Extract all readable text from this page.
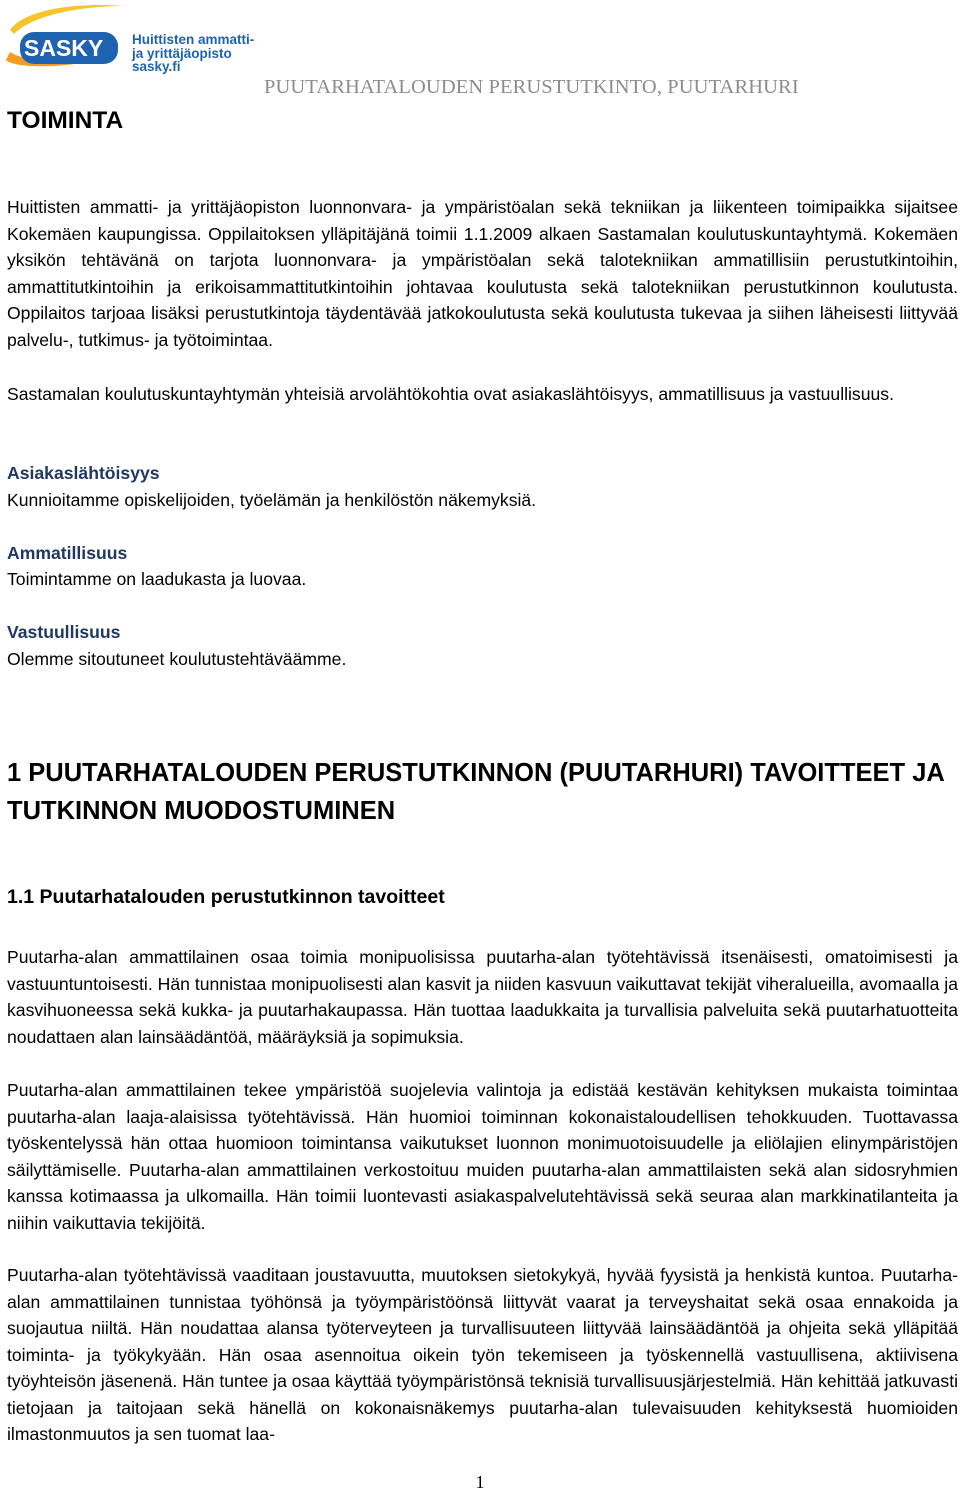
SASKY Huittisten ammatti-
ja yrittäjäopisto
sasky.fi
PUUTARHATALOUDEN PERUSTUTKINTO, PUUTARHURI
TOIMINTA

Huittisten ammatti- ja yrittäjäopiston luonnonvara- ja ympäristöalan sekä tekniikan ja liikenteen toimipaikka sijaitsee Kokemäen kaupungissa. Oppilaitoksen ylläpitäjänä toimii 1.1.2009 alkaen Sastamalan koulutuskuntayhtymä. Kokemäen yksikön tehtävänä on tarjota luonnonvara- ja ympäristöalan sekä talotekniikan ammatillisiin perustutkintoihin, ammattitutkintoihin ja erikoisammattitutkintoihin johtavaa koulutusta sekä talotekniikan perustutkinnon koulutusta. Oppilaitos tarjoaa lisäksi perustutkintoja täydentävää jatkokoulutusta sekä koulutusta tukevaa ja siihen läheisesti liittyvää palvelu-, tutkimus- ja työtoimintaa.

Sastamalan koulutuskuntayhtymän yhteisiä arvolähtökohtia ovat asiakaslähtöisyys, ammatillisuus ja vastuullisuus.

Asiakaslähtöisyys
Kunnioitamme opiskelijoiden, työelämän ja henkilöstön näkemyksiä.
Ammatillisuus
Toimintamme on laadukasta ja luovaa.
Vastuullisuus
Olemme sitoutuneet koulutustehtäväämme.
1 PUUTARHATALOUDEN PERUSTUTKINNON (PUUTARHURI) TAVOITTEET JA TUTKINNON MUODOSTUMINEN
1.1 Puutarhatalouden perustutkinnon tavoitteet

Puutarha-alan ammattilainen osaa toimia monipuolisissa puutarha-alan työtehtävissä itsenäisesti, omatoimisesti ja vastuuntuntoisesti. Hän tunnistaa monipuolisesti alan kasvit ja niiden kasvuun vaikuttavat tekijät viheralueilla, avomaalla ja kasvihuoneessa sekä kukka- ja puutarhakaupassa. Hän tuottaa laadukkaita ja turvallisia palveluita sekä puutarhatuotteita noudattaen alan lainsäädäntöä, määräyksiä ja sopimuksia.

Puutarha-alan ammattilainen tekee ympäristöä suojelevia valintoja ja edistää kestävän kehityksen mukaista toimintaa puutarha-alan laaja-alaisissa työtehtävissä. Hän huomioi toiminnan kokonaistaloudellisen tehokkuuden. Tuottavassa työskentelyssä hän ottaa huomioon toimintansa vaikutukset luonnon monimuotoisuudelle ja eliölajien elinympäristöjen säilyttämiselle. Puutarha-alan ammattilainen verkostoituu muiden puutarha-alan ammattilaisten sekä alan sidosryhmien kanssa kotimaassa ja ulkomailla. Hän toimii luontevasti asiakaspalvelutehtävissä sekä seuraa alan markkinatilanteita ja niihin vaikuttavia tekijöitä.

Puutarha-alan työtehtävissä vaaditaan joustavuutta, muutoksen sietokykyä, hyvää fyysistä ja henkistä kuntoa. Puutarha-alan ammattilainen tunnistaa työhönsä ja työympäristöönsä liittyvät vaarat ja terveyshaitat sekä osaa ennakoida ja suojautua niiltä. Hän noudattaa alansa työterveyteen ja turvallisuuteen liittyvää lainsäädäntöä ja ohjeita sekä ylläpitää toiminta- ja työkykyään. Hän osaa asennoitua oikein työn tekemiseen ja työskennellä vastuullisena, aktiivisena työyhteisön jäsenenä. Hän tuntee ja osaa käyttää työympäristönsä teknisiä turvallisuusjärjestelmiä. Hän kehittää jatkuvasti tietojaan ja taitojaan sekä hänellä on kokonaisnäkemys puutarha-alan tulevaisuuden kehityksestä huomioiden ilmastonmuutos ja sen tuomat laa-

1
